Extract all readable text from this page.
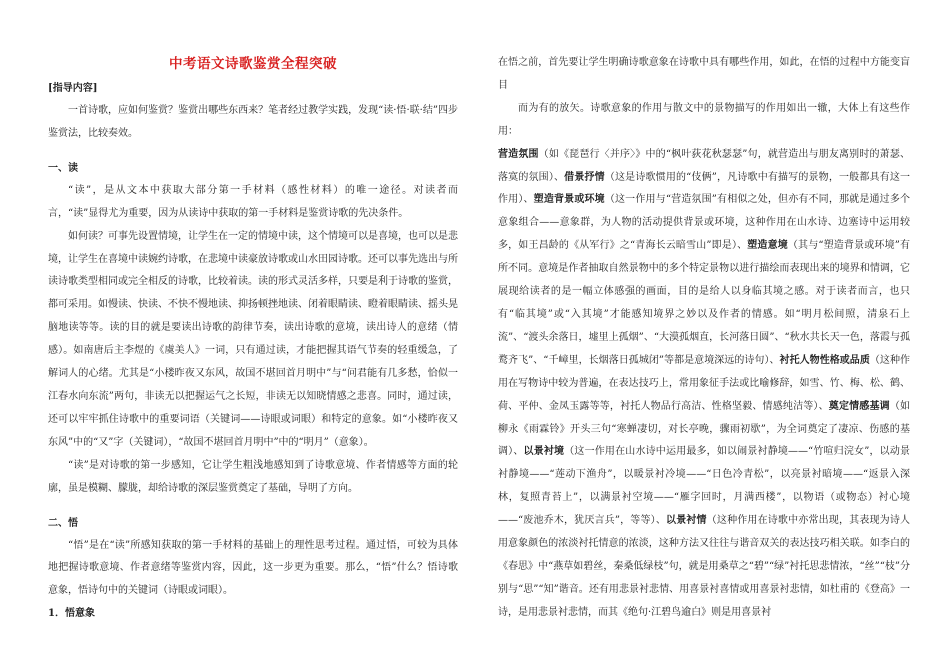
中考语文诗歌鉴赏全程突破

[指导内容]

一首诗歌，应如何鉴赏？鉴赏出哪些东西来？笔者经过教学实践，发现“读·悟·联·结”四步鉴赏法，比较奏效。

一、读

“读”，是从文本中获取大部分第一手材料（感性材料）的唯一途径。对读者而言，“读”显得尤为重要，因为从读诗中获取的第一手材料是鉴赏诗歌的先决条件。

如何读？可事先设置情境，让学生在一定的情境中读，这个情境可以是喜境，也可以是悲境，让学生在喜境中读婉约诗歌，在悲境中读豪放诗歌或山水田园诗歌。还可以事先选出与所读诗歌类型相同或完全相反的诗歌，比较着读。读的形式灵活多样，只要是利于诗歌的鉴赏，都可采用。如慢读、快读、不快不慢地读、抑扬顿挫地读、闭着眼睛读、瞪着眼睛读、摇头晃脑地读等等。读的目的就是要读出诗歌的韵律节奏，读出诗歌的意境，读出诗人的意绪（情感）。如南唐后主李煜的《虞美人》一词，只有通过读，才能把握其语气节奏的轻重缓急，了解词人的心绪。尤其是“小楼昨夜又东风，故国不堪回首月明中”与“问君能有几多愁，恰似一江春水向东流”两句，非读无以把握运气之长短，非读无以知晓情感之悲喜。同时，通过读，还可以牢牢抓住诗歌中的重要词语（关键词——诗眼或词眼）和特定的意象。如“小楼昨夜又东风”中的“又”字（关键词），“故国不堪回首月明中”中的“明月”（意象）。

“读”是对诗歌的第一步感知，它让学生粗浅地感知到了诗歌意境、作者情感等方面的轮廓，虽是模糊、朦胧，却给诗歌的深层鉴赏奠定了基础，导明了方向。

二、悟

“悟”是在“读”所感知获取的第一手材料的基础上的理性思考过程。通过悟，可较为具体地把握诗歌意境、作者意绪等鉴赏内容，因此，这一步更为重要。那么，“悟”什么？悟诗歌意象，悟诗句中的关键词（诗眼或词眼）。

1．悟意象

在悟之前，首先要让学生明确诗歌意象在诗歌中具有哪些作用，如此，在悟的过程中方能变盲目

而为有的放矢。诗歌意象的作用与散文中的景物描写的作用如出一辙，大体上有这些作用：

营造氛围（如《琵琶行〈并序〉》中的“枫叶荻花秋瑟瑟”句，就营造出与朋友离别时的萧瑟、落寞的氛围）、借景抒情（这是诗歌惯用的“伎俩”，凡诗歌中有描写的景物，一般都具有这一作用）、塑造背景或环境（这一作用与“营造氛围”有相似之处，但亦有不同，那就是通过多个意象组合——意象群，为人物的活动提供背景或环境，这种作用在山水诗、边塞诗中运用较多，如王昌龄的《从军行》之“青海长云暗雪山”即是）、塑造意境（其与“塑造背景或环境”有所不同。意境是作者抽取自然景物中的多个特定景物以进行描绘而表现出来的境界和情调，它展现给读者的是一幅立体感强的画面，目的是给人以身临其境之感。对于读者而言，也只有“临其境”或“入其境”才能感知境界之妙以及作者的情感。如“明月松间照，清泉石上流”、“渡头余落日，墟里上孤烟”、“大漠孤烟直，长河落日圆”、“秋水共长天一色，落霞与孤鹜齐飞”、“千嶂里，长烟落日孤城闭”等都是意境深远的诗句）、衬托人物性格或品质（这种作用在写物诗中较为普遍，在表达技巧上，常用象征手法或比喻修辞，如雪、竹、梅、松、鹤、荷、平仲、金凤玉露等等，衬托人物品行高洁、性格坚毅、情感纯洁等）、奠定情感基调（如柳永《雨霖铃》开头三句“寒蝉凄切，对长亭晚，骤雨初歇”，为全词奠定了凄凉、伤感的基调）、以景衬境（这一作用在山水诗中运用最多，如以闹景衬静境——“竹喧归浣女”，以动景衬静境——“莲动下渔舟”，以暖景衬冷境——“日色冷青松”，以亮景衬暗境——“返景入深林，复照青苔上”，以满景衬空境——“雁字回时，月满西楼”，以物语（或物态）衬心境——“废池乔木，犹厌言兵”，等等）、以景衬情（这种作用在诗歌中亦常出现，其表现为诗人用意象颜色的浓淡衬托情意的浓淡，这种方法又往往与谐音双关的表达技巧相关联。如李白的《春思》中“燕草如碧丝，秦桑低绿枝”句，就是用桑草之“碧”“绿”衬托思悲情浓，“丝”“枝”分别与“思”“知”谐音。还有用悲景衬悲情、用喜景衬喜情或用喜景衬悲情，如杜甫的《登高》一诗，是用悲景衬悲情，而其《绝句·江碧鸟逾白》则是用喜景衬
